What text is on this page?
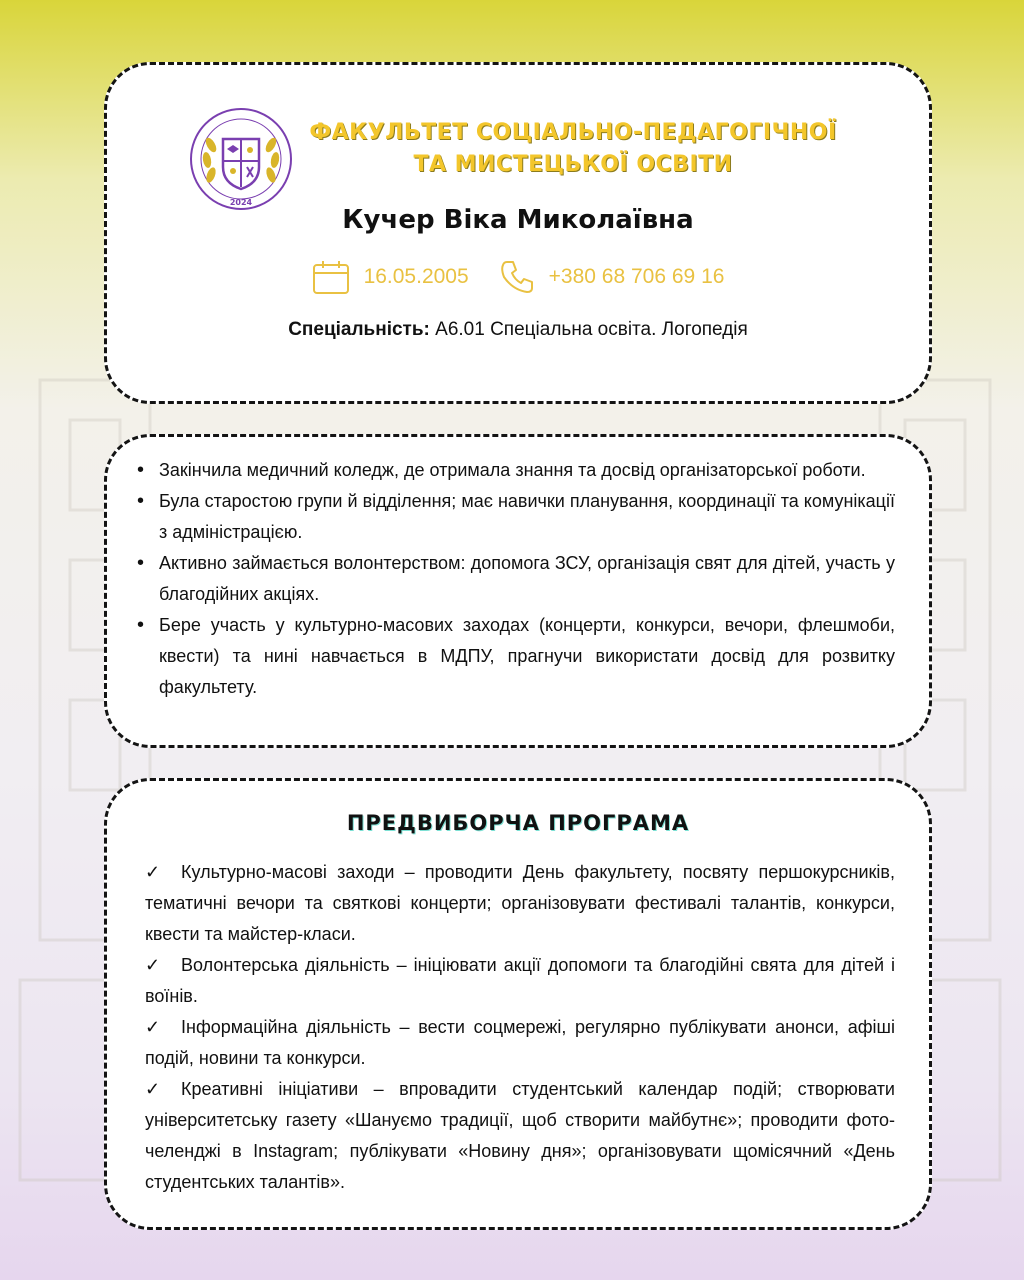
2024
ФАКУЛЬТЕТ СОЦІАЛЬНО-ПЕДАГОГІЧНОЇ
ТА МИСТЕЦЬКОЇ ОСВІТИ
Кучер Віка Миколаївна
16.05.2005	+380 68 706 69 16
Спеціальність: А6.01 Спеціальна освіта. Логопедія
• Закінчила медичний коледж, де отримала знання та досвід організаторської роботи.
• Була старостою групи й відділення; має навички планування, координації та комунікації з адміністрацією.
• Активно займається волонтерством: допомога ЗСУ, організація свят для дітей, участь у благодійних акціях.
• Бере участь у культурно-масових заходах (концерти, конкурси, вечори, флешмоби, квести) та нині навчається в МДПУ, прагнучи використати досвід для розвитку факультету.
ПРЕДВИБОРЧА ПРОГРАМА

✓ Культурно-масові заходи – проводити День факультету, посвяту першокурсників, тематичні вечори та святкові концерти; організовувати фестивалі талантів, конкурси, квести та майстер-класи.

✓ Волонтерська діяльність – ініціювати акції допомоги та благодійні свята для дітей і воїнів.

✓ Інформаційна діяльність – вести соцмережі, регулярно публікувати анонси, афіші подій, новини та конкурси.

✓ Креативні ініціативи – впровадити студентський календар подій; створювати університетську газету «Шануємо традиції, щоб створити майбутнє»; проводити фото-челенджі в Instagram; публікувати «Новину дня»; організовувати щомісячний «День студентських талантів».
